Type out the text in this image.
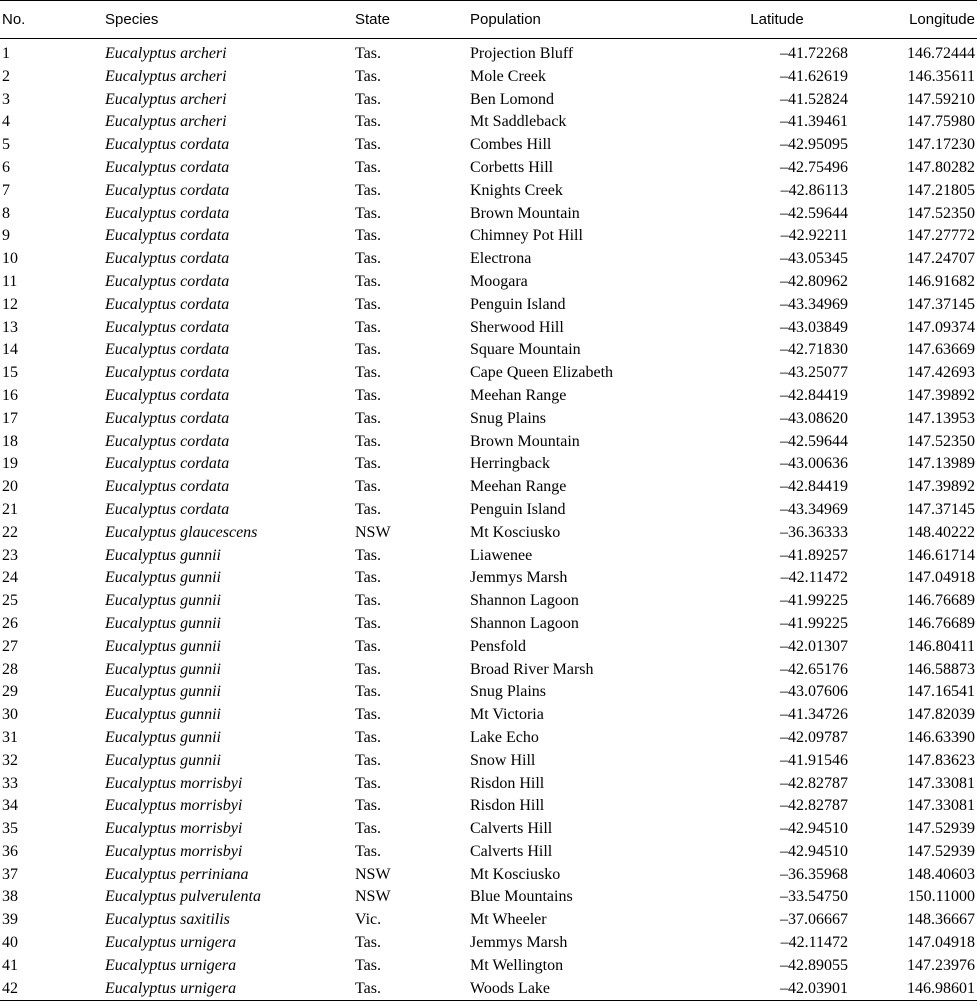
No.	Species	State	Population	Latitude	Longitude
1	Eucalyptus archeri	Tas.	Projection Bluff	–41.72268	146.72444
2	Eucalyptus archeri	Tas.	Mole Creek	–41.62619	146.35611
3	Eucalyptus archeri	Tas.	Ben Lomond	–41.52824	147.59210
4	Eucalyptus archeri	Tas.	Mt Saddleback	–41.39461	147.75980
5	Eucalyptus cordata	Tas.	Combes Hill	–42.95095	147.17230
6	Eucalyptus cordata	Tas.	Corbetts Hill	–42.75496	147.80282
7	Eucalyptus cordata	Tas.	Knights Creek	–42.86113	147.21805
8	Eucalyptus cordata	Tas.	Brown Mountain	–42.59644	147.52350
9	Eucalyptus cordata	Tas.	Chimney Pot Hill	–42.92211	147.27772
10	Eucalyptus cordata	Tas.	Electrona	–43.05345	147.24707
11	Eucalyptus cordata	Tas.	Moogara	–42.80962	146.91682
12	Eucalyptus cordata	Tas.	Penguin Island	–43.34969	147.37145
13	Eucalyptus cordata	Tas.	Sherwood Hill	–43.03849	147.09374
14	Eucalyptus cordata	Tas.	Square Mountain	–42.71830	147.63669
15	Eucalyptus cordata	Tas.	Cape Queen Elizabeth	–43.25077	147.42693
16	Eucalyptus cordata	Tas.	Meehan Range	–42.84419	147.39892
17	Eucalyptus cordata	Tas.	Snug Plains	–43.08620	147.13953
18	Eucalyptus cordata	Tas.	Brown Mountain	–42.59644	147.52350
19	Eucalyptus cordata	Tas.	Herringback	–43.00636	147.13989
20	Eucalyptus cordata	Tas.	Meehan Range	–42.84419	147.39892
21	Eucalyptus cordata	Tas.	Penguin Island	–43.34969	147.37145
22	Eucalyptus glaucescens	NSW	Mt Kosciusko	–36.36333	148.40222
23	Eucalyptus gunnii	Tas.	Liawenee	–41.89257	146.61714
24	Eucalyptus gunnii	Tas.	Jemmys Marsh	–42.11472	147.04918
25	Eucalyptus gunnii	Tas.	Shannon Lagoon	–41.99225	146.76689
26	Eucalyptus gunnii	Tas.	Shannon Lagoon	–41.99225	146.76689
27	Eucalyptus gunnii	Tas.	Pensfold	–42.01307	146.80411
28	Eucalyptus gunnii	Tas.	Broad River Marsh	–42.65176	146.58873
29	Eucalyptus gunnii	Tas.	Snug Plains	–43.07606	147.16541
30	Eucalyptus gunnii	Tas.	Mt Victoria	–41.34726	147.82039
31	Eucalyptus gunnii	Tas.	Lake Echo	–42.09787	146.63390
32	Eucalyptus gunnii	Tas.	Snow Hill	–41.91546	147.83623
33	Eucalyptus morrisbyi	Tas.	Risdon Hill	–42.82787	147.33081
34	Eucalyptus morrisbyi	Tas.	Risdon Hill	–42.82787	147.33081
35	Eucalyptus morrisbyi	Tas.	Calverts Hill	–42.94510	147.52939
36	Eucalyptus morrisbyi	Tas.	Calverts Hill	–42.94510	147.52939
37	Eucalyptus perriniana	NSW	Mt Kosciusko	–36.35968	148.40603
38	Eucalyptus pulverulenta	NSW	Blue Mountains	–33.54750	150.11000
39	Eucalyptus saxitilis	Vic.	Mt Wheeler	–37.06667	148.36667
40	Eucalyptus urnigera	Tas.	Jemmys Marsh	–42.11472	147.04918
41	Eucalyptus urnigera	Tas.	Mt Wellington	–42.89055	147.23976
42	Eucalyptus urnigera	Tas.	Woods Lake	–42.03901	146.98601
